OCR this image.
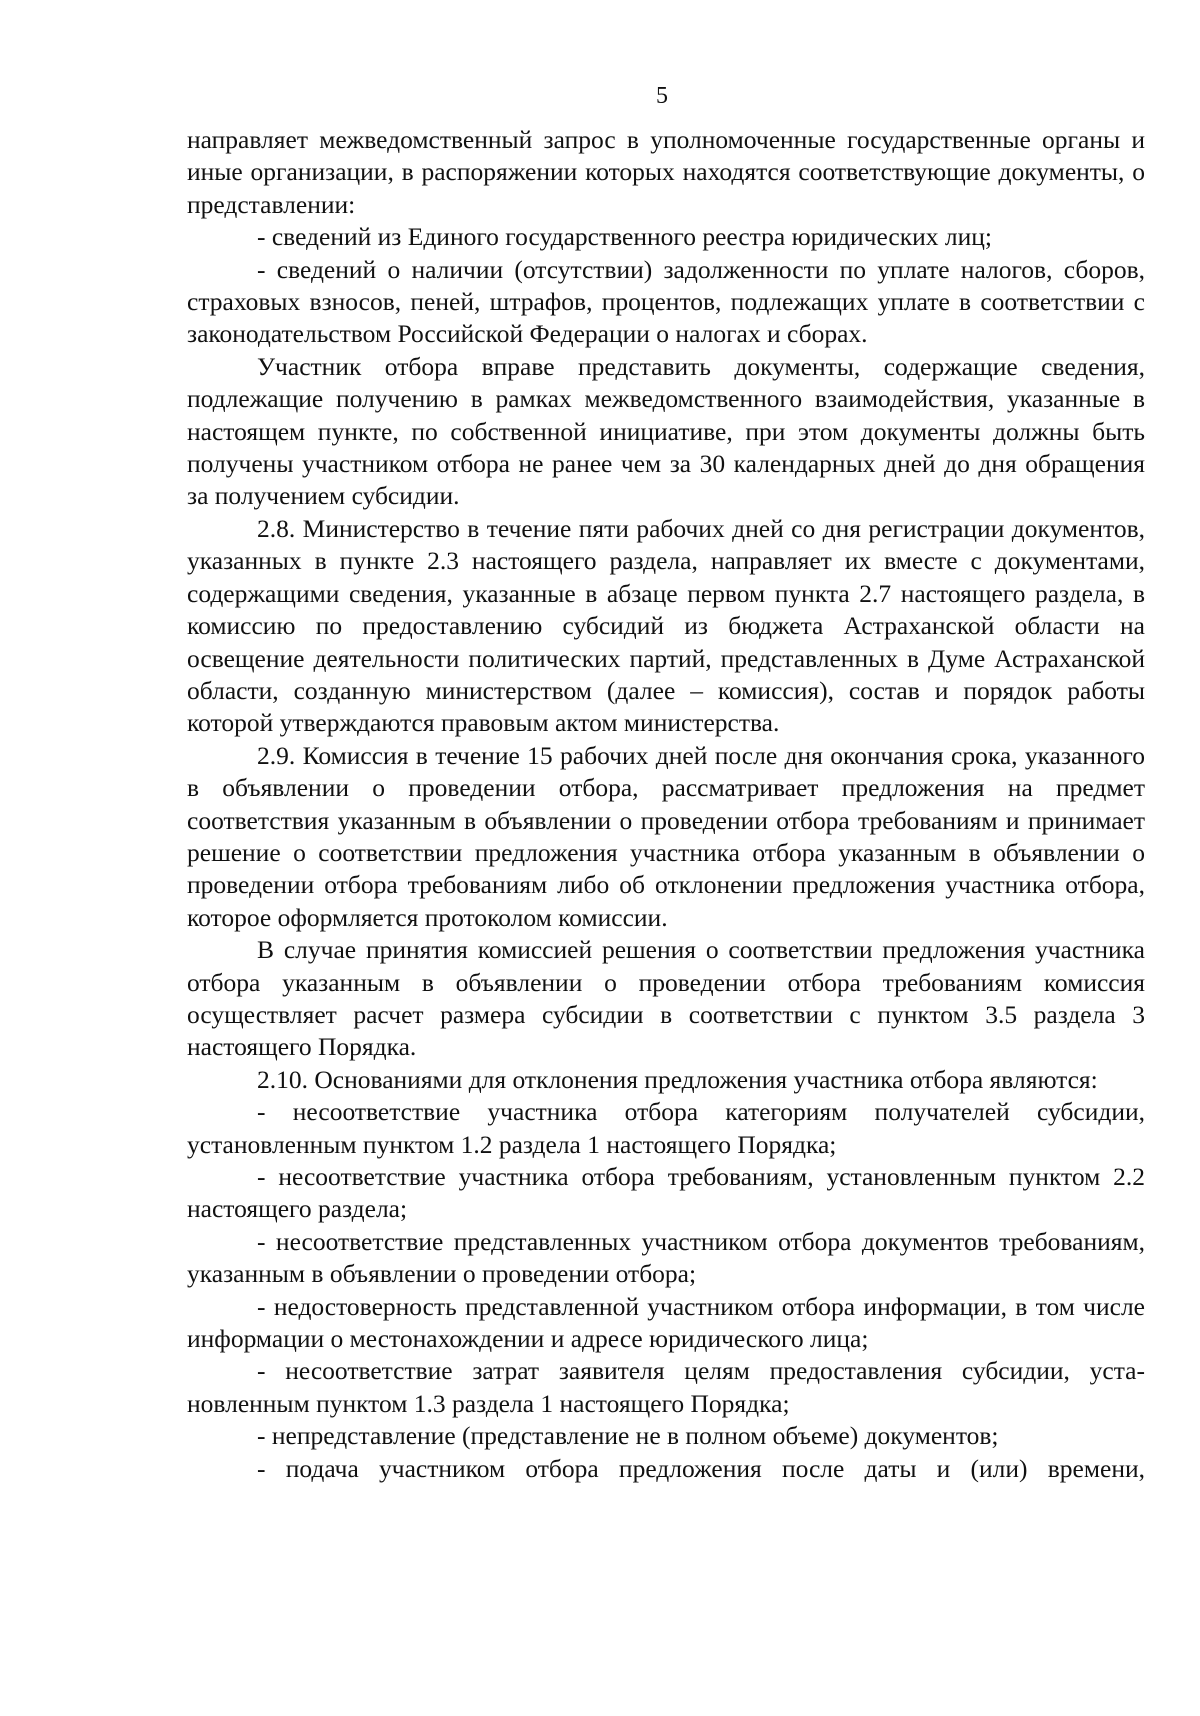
5

направляет межведомственный запрос в уполномоченные государственные органы и иные организации, в распоряжении которых находятся соответствующие документы, о представлении:

- сведений из Единого государственного реестра юридических лиц;

- сведений о наличии (отсутствии) задолженности по уплате налогов, сборов, страховых взносов, пеней, штрафов, процентов, подлежащих уплате в соответствии с законодательством Российской Федерации о налогах и сборах.

Участник отбора вправе представить документы, содержащие сведения, подлежащие получению в рамках межведомственного взаимодействия, указанные в настоящем пункте, по собственной инициативе, при этом документы должны быть получены участником отбора не ранее чем за 30 календарных дней до дня обращения за получением субсидии.

2.8. Министерство в течение пяти рабочих дней со дня регистрации документов, указанных в пункте 2.3 настоящего раздела, направляет их вместе с документами, содержащими сведения, указанные в абзаце первом пункта 2.7 настоящего раздела, в комиссию по предоставлению субсидий из бюджета Астраханской области на освещение деятельности политических партий, представленных в Думе Астраханской области, созданную министерством (далее – комиссия), состав и порядок работы которой утверждаются правовым актом министерства.

2.9. Комиссия в течение 15 рабочих дней после дня окончания срока, указанного в объявлении о проведении отбора, рассматривает предложения на предмет соответствия указанным в объявлении о проведении отбора требованиям и принимает решение о соответствии предложения участника отбора указанным в объявлении о проведении отбора требованиям либо об отклонении предложения участника отбора, которое оформляется протоколом комиссии.

В случае принятия комиссией решения о соответствии предложения участника отбора указанным в объявлении о проведении отбора требованиям комиссия осуществляет расчет размера субсидии в соответствии с пунктом 3.5 раздела 3 настоящего Порядка.

2.10. Основаниями для отклонения предложения участника отбора являются:

- несоответствие участника отбора категориям получателей субсидии, установленным пунктом 1.2 раздела 1 настоящего Порядка;

- несоответствие участника отбора требованиям, установленным пунктом 2.2 настоящего раздела;

- несоответствие представленных участником отбора документов требованиям, указанным в объявлении о проведении отбора;

- недостоверность представленной участником отбора информации, в том числе информации о местонахождении и адресе юридического лица;

- несоответствие затрат заявителя целям предоставления субсидии, установленным пунктом 1.3 раздела 1 настоящего Порядка;

- непредставление (представление не в полном объеме) документов;

- подача участником отбора предложения после даты и (или) времени,
